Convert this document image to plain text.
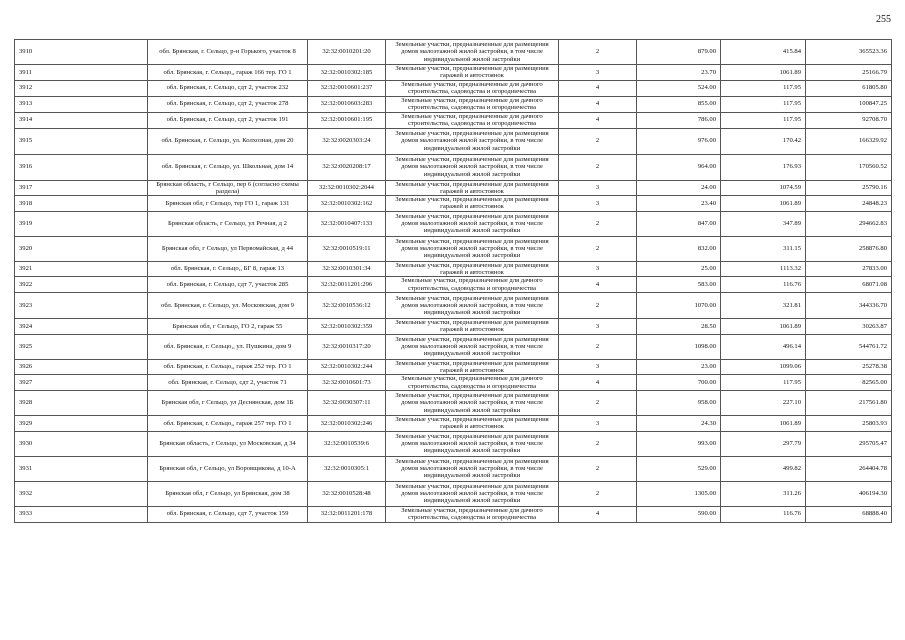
255
3910	обл. Брянская, г. Сельцо, р-н Горького, участок 8	32:32:0010201:20	Земельные участки, предназначенные для размещения домов малоэтажной жилой застройки, в том числе индивидуальной жилой застройки	2	879.00	415.84	365523.36
3911	обл. Брянская, г. Сельцо,, гараж 166 тер. ГО 1	32:32:0010302:185	Земельные участки, предназначенные для размещения гаражей и автостоянок	3	23.70	1061.89	25166.79
3912	обл. Брянская, г. Сельцо, сдт 2, участок 232	32:32:0010601:237	Земельные участки, предназначенные для дачного строительства, садоводства и огородничества	4	524.00	117.95	61805.80
3913	обл. Брянская, г. Сельцо, сдт 2, участок 278	32:32:0010603:283	Земельные участки, предназначенные для дачного строительства, садоводства и огородничества	4	855.00	117.95	100847.25
3914	обл. Брянская, г. Сельцо, сдт 2, участок 191	32:32:0010601:195	Земельные участки, предназначенные для дачного строительства, садоводства и огородничества	4	786.00	117.95	92708.70
3915	обл. Брянская, г. Сельцо, ул. Колхозная, дом 20	32:32:0020303:24	Земельные участки, предназначенные для размещения домов малоэтажной жилой застройки, в том числе индивидуальной жилой застройки	2	976.00	170.42	166329.92
3916	обл. Брянская, г. Сельцо, ул. Школьная, дом 14	32:32:0020208:17	Земельные участки, предназначенные для размещения домов малоэтажной жилой застройки, в том числе индивидуальной жилой застройки	2	964.00	176.93	170560.52
3917	Брянская область, г Сельцо, пер 6 (согласно схемы раздела)	32:32:0010302:2044	Земельные участки, предназначенные для размещения гаражей и автостоянок	3	24.00	1074.59	25790.16
3918	Брянская обл, г Сельцо, тер ГО 1, гараж 131	32:32:0010302:162	Земельные участки, предназначенные для размещения гаражей и автостоянок	3	23.40	1061.89	24848.23
3919	Брянская область, г Сельцо, ул Речная, д 2	32:32:0010407:133	Земельные участки, предназначенные для размещения домов малоэтажной жилой застройки, в том числе индивидуальной жилой застройки	2	847.00	347.89	294662.83
3920	Брянская обл, г Сельцо, ул Первомайская, д 44	32:32:0010519:11	Земельные участки, предназначенные для размещения домов малоэтажной жилой застройки, в том числе индивидуальной жилой застройки	2	832.00	311.15	258876.80
3921	обл. Брянская, г. Сельцо,, БГ 8, гараж 13	32:32:0010301:34	Земельные участки, предназначенные для размещения гаражей и автостоянок	3	25.00	1113.32	27833.00
3922	обл. Брянская, г. Сельцо, сдт 7, участок 285	32:32:0011201:296	Земельные участки, предназначенные для дачного строительства, садоводства и огородничества	4	583.00	116.76	68071.08
3923	обл. Брянская, г. Сельцо, ул. Московская, дом 9	32:32:0010536:12	Земельные участки, предназначенные для размещения домов малоэтажной жилой застройки, в том числе индивидуальной жилой застройки	2	1070.00	321.81	344336.70
3924	Брянская обл, г Сельцо, ГО 2, гараж 55	32:32:0010302:359	Земельные участки, предназначенные для размещения гаражей и автостоянок	3	28.50	1061.89	30263.87
3925	обл. Брянская, г. Сельцо,, ул. Пушкина, дом 9	32:32:0010317:20	Земельные участки, предназначенные для размещения домов малоэтажной жилой застройки, в том числе индивидуальной жилой застройки	2	1098.00	496.14	544761.72
3926	обл. Брянская, г. Сельцо,, гараж 252 тер. ГО 1	32:32:0010302:244	Земельные участки, предназначенные для размещения гаражей и автостоянок	3	23.00	1099.06	25278.38
3927	обл. Брянская, г. Сельцо, сдт 2, участок 71	32:32:0010601:73	Земельные участки, предназначенные для дачного строительства, садоводства и огородничества	4	700.00	117.95	82565.00
3928	Брянская обл, г Сельцо, ул Деснянская, дом 1Б	32:32:0030307:11	Земельные участки, предназначенные для размещения домов малоэтажной жилой застройки, в том числе индивидуальной жилой застройки	2	958.00	227.10	217561.80
3929	обл. Брянская, г. Сельцо,, гараж 257 тер. ГО 1	32:32:0010302:246	Земельные участки, предназначенные для размещения гаражей и автостоянок	3	24.30	1061.89	25803.93
3930	Брянская область, г Сельцо, ул Московская, д 34	32:32:0010539:6	Земельные участки, предназначенные для размещения домов малоэтажной жилой застройки, в том числе индивидуальной жилой застройки	2	993.00	297.79	295705.47
3931	Брянская обл, г Сельцо, ул Воровщикова, д 10-А	32:32:0010305:1	Земельные участки, предназначенные для размещения домов малоэтажной жилой застройки, в том числе индивидуальной жилой застройки	2	529.00	499.82	264404.78
3932	Брянская обл, г Сельцо, ул Брянская, дом 38	32:32:0010528:48	Земельные участки, предназначенные для размещения домов малоэтажной жилой застройки, в том числе индивидуальной жилой застройки	2	1305.00	311.26	406194.30
3933	обл. Брянская, г. Сельцо, сдт 7, участок 159	32:32:0011201:178	Земельные участки, предназначенные для дачного строительства, садоводства и огородничества	4	590.00	116.76	68888.40
